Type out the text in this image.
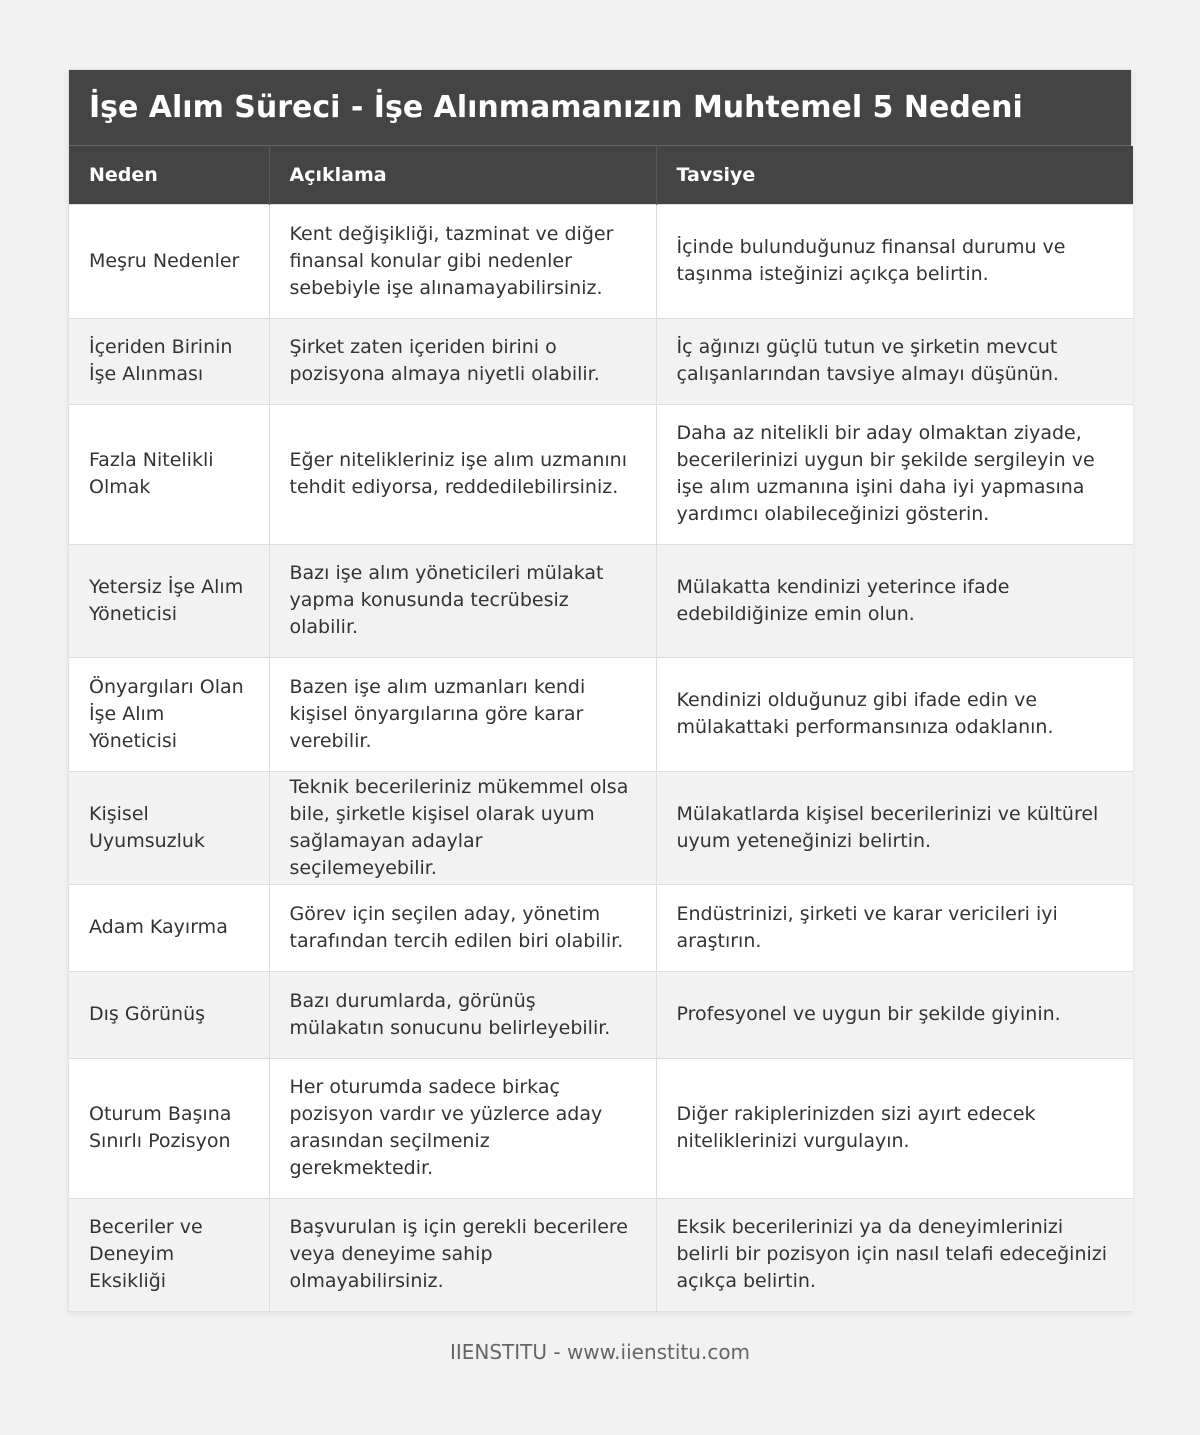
İşe Alım Süreci - İşe Alınmamanızın Muhtemel 5 Nedeni
Neden	Açıklama	Tavsiye
Meşru Nedenler	Kent değişikliği, tazminat ve diğer finansal konular gibi nedenler sebebiyle işe alınamayabilirsiniz.	İçinde bulunduğunuz finansal durumu ve taşınma isteğinizi açıkça belirtin.
İçeriden Birinin İşe Alınması	Şirket zaten içeriden birini o pozisyona almaya niyetli olabilir.	İç ağınızı güçlü tutun ve şirketin mevcut çalışanlarından tavsiye almayı düşünün.
Fazla Nitelikli Olmak	Eğer nitelikleriniz işe alım uzmanını tehdit ediyorsa, reddedilebilirsiniz.	Daha az nitelikli bir aday olmaktan ziyade, becerilerinizi uygun bir şekilde sergileyin ve işe alım uzmanına işini daha iyi yapmasına yardımcı olabileceğinizi gösterin.
Yetersiz İşe Alım Yöneticisi	Bazı işe alım yöneticileri mülakat yapma konusunda tecrübesiz olabilir.	Mülakatta kendinizi yeterince ifade edebildiğinize emin olun.
Önyargıları Olan İşe Alım Yöneticisi	Bazen işe alım uzmanları kendi kişisel önyargılarına göre karar verebilir.	Kendinizi olduğunuz gibi ifade edin ve mülakattaki performansınıza odaklanın.
Kişisel Uyumsuzluk	Teknik becerileriniz mükemmel olsa bile, şirketle kişisel olarak uyum sağlamayan adaylar seçilemeyebilir.	Mülakatlarda kişisel becerilerinizi ve kültürel uyum yeteneğinizi belirtin.
Adam Kayırma	Görev için seçilen aday, yönetim tarafından tercih edilen biri olabilir.	Endüstrinizi, şirketi ve karar vericileri iyi araştırın.
Dış Görünüş	Bazı durumlarda, görünüş mülakatın sonucunu belirleyebilir.	Profesyonel ve uygun bir şekilde giyinin.
Oturum Başına Sınırlı Pozisyon	Her oturumda sadece birkaç pozisyon vardır ve yüzlerce aday arasından seçilmeniz gerekmektedir.	Diğer rakiplerinizden sizi ayırt edecek niteliklerinizi vurgulayın.
Beceriler ve Deneyim Eksikliği	Başvurulan iş için gerekli becerilere veya deneyime sahip olmayabilirsiniz.	Eksik becerilerinizi ya da deneyimlerinizi belirli bir pozisyon için nasıl telafi edeceğinizi açıkça belirtin.
IIENSTITU - www.iienstitu.com
